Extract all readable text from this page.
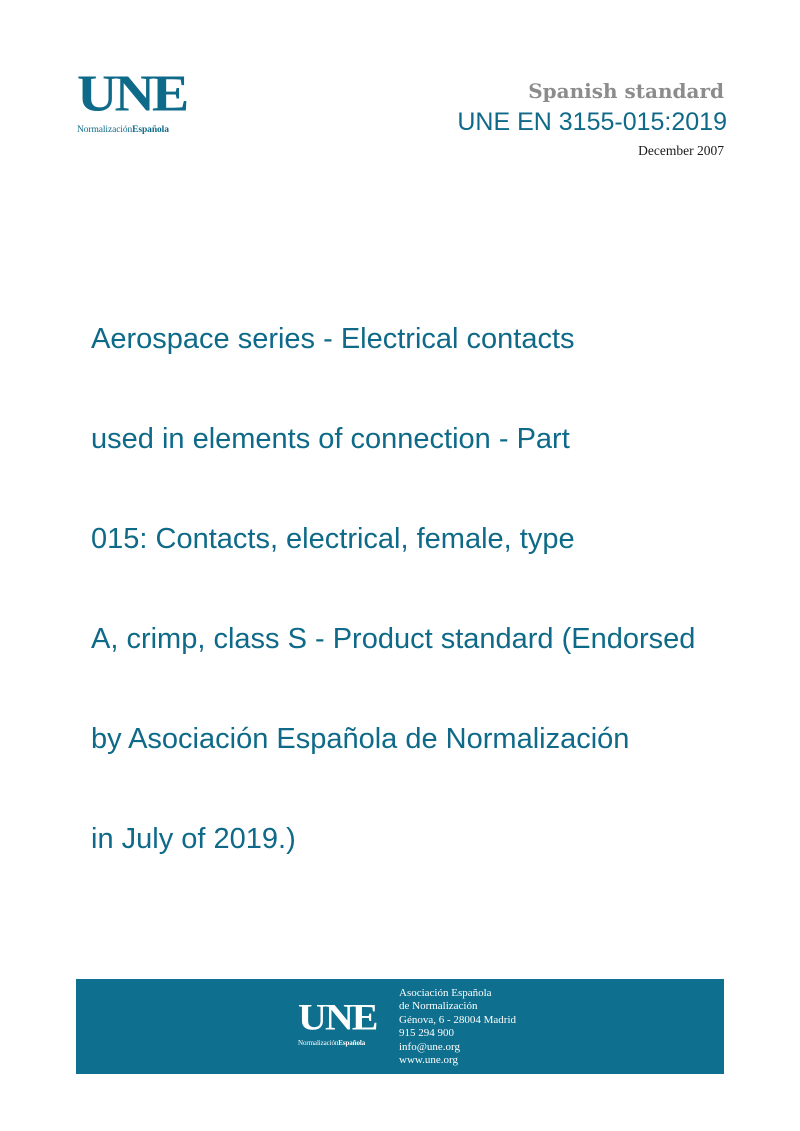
UNE
NormalizaciónEspañola
Spanish standard
UNE EN 3155-015:2019
December 2007

Aerospace series - Electrical contacts

used in elements of connection - Part

015: Contacts, electrical, female, type

A, crimp, class S - Product standard (Endorsed

by Asociación Española de Normalización

in July of 2019.)

UNE
NormalizaciónEspañola
Asociación Española
de Normalización
Génova, 6 - 28004 Madrid
915 294 900
info@une.org
www.une.org
